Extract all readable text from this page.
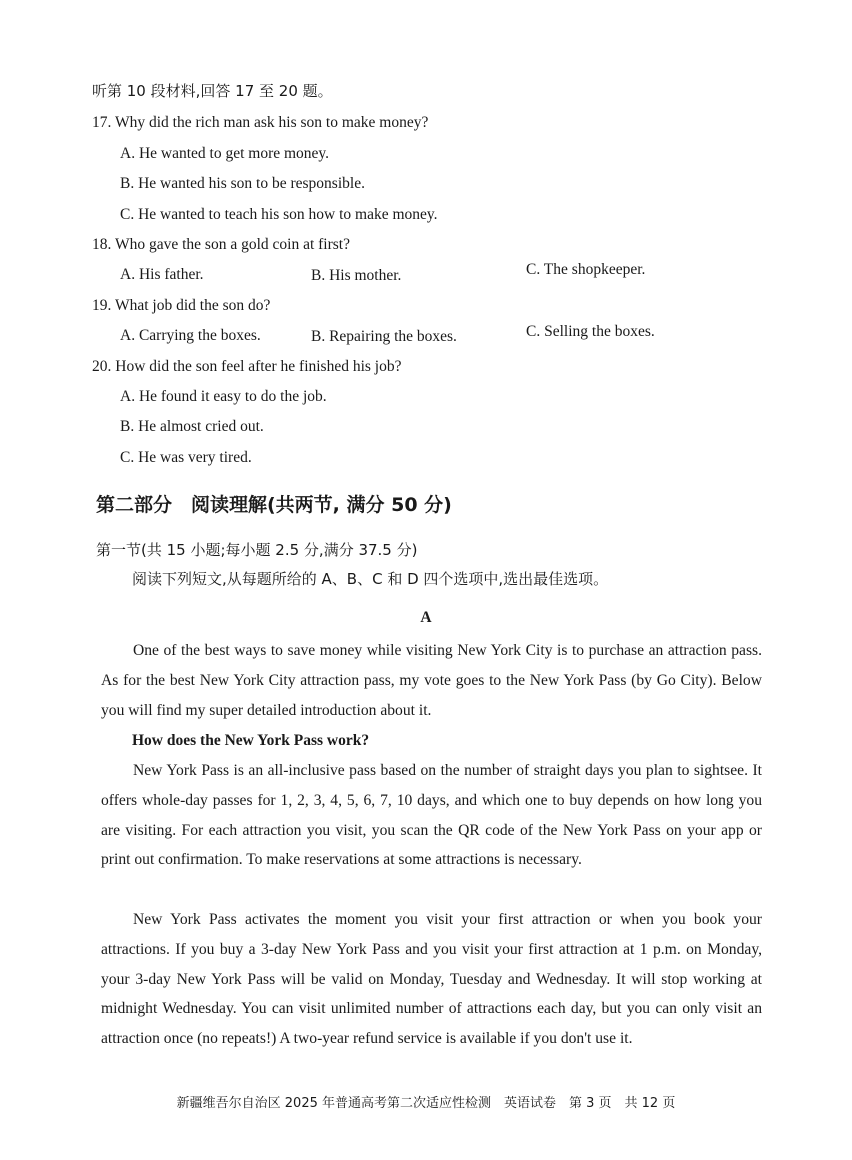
听第 10 段材料,回答 17 至 20 题。
17. Why did the rich man ask his son to make money?
A. He wanted to get more money.
B. He wanted his son to be responsible.
C. He wanted to teach his son how to make money.
18. Who gave the son a gold coin at first?
A. His father.	B. His mother.	C. The shopkeeper.
19. What job did the son do?
A. Carrying the boxes.	B. Repairing the boxes.	C. Selling the boxes.
20. How did the son feel after he finished his job?
A. He found it easy to do the job.
B. He almost cried out.
C. He was very tired.
第二部分　阅读理解(共两节, 满分 50 分)
第一节(共 15 小题;每小题 2.5 分,满分 37.5 分)
阅读下列短文,从每题所给的 A、B、C 和 D 四个选项中,选出最佳选项。
A

One of the best ways to save money while visiting New York City is to purchase an attraction pass. As for the best New York City attraction pass, my vote goes to the New York Pass (by Go City). Below you will find my super detailed introduction about it.

How does the New York Pass work?

New York Pass is an all-inclusive pass based on the number of straight days you plan to sightsee. It offers whole-day passes for 1, 2, 3, 4, 5, 6, 7, 10 days, and which one to buy depends on how long you are visiting. For each attraction you visit, you scan the QR code of the New York Pass on your app or print out confirmation. To make reservations at some attractions is necessary.

New York Pass activates the moment you visit your first attraction or when you book your attractions. If you buy a 3-day New York Pass and you visit your first attraction at 1 p.m. on Monday, your 3-day New York Pass will be valid on Monday, Tuesday and Wednesday. It will stop working at midnight Wednesday. You can visit unlimited number of attractions each day, but you can only visit an attraction once (no repeats!) A two-year refund service is available if you don't use it.

新疆维吾尔自治区 2025 年普通高考第二次适应性检测　英语试卷　第 3 页　共 12 页
